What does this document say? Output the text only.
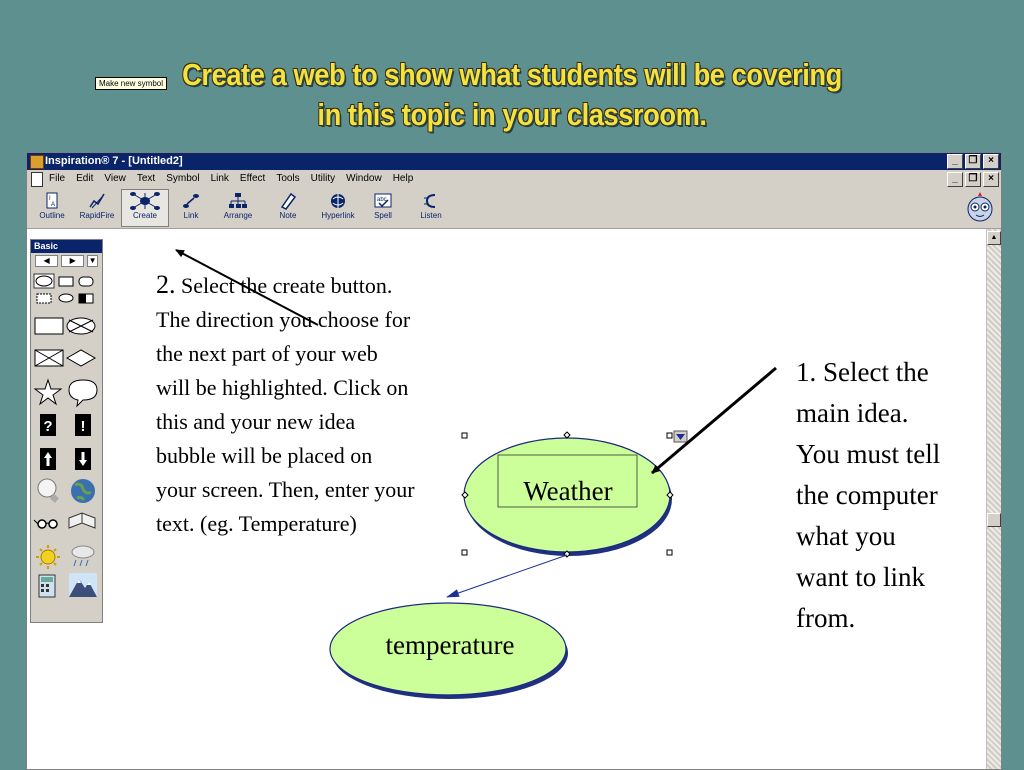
Create a web to show what students will be covering
in this topic in your classroom.
Inspiration® 7 - [Untitled2]	_	❐	×
File Edit View Text Symbol Link Effect Tools Utility Window Help	_	❐	×
I
A
Outline	RapidFire	Create	Link	Arrange	Note	Hyperlink
abc
Spell	Listen
▲
Basic
◀	▶	▼
? !
Make new symbol
Weather
temperature
2. Select the create button. The direction you choose for the next part of your web will be highlighted. Click on this and your new idea bubble will be placed on your screen. Then, enter your text. (eg. Temperature)
1. Select the main idea. You must tell the computer what you want to link from.
